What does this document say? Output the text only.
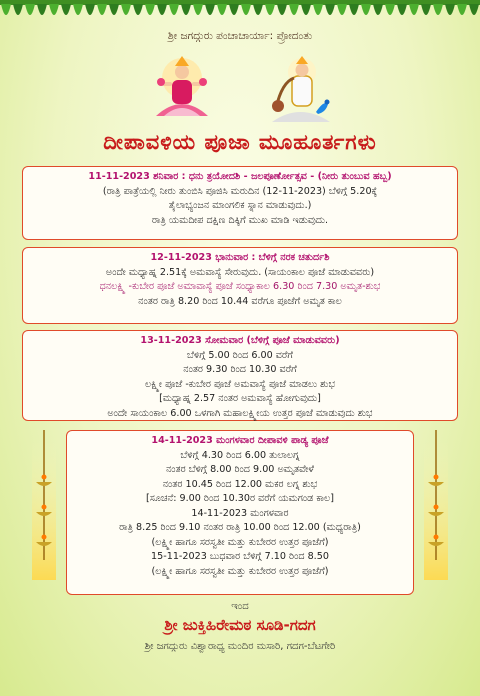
ಶ್ರೀ ಜಗದ್ಗುರು ಪಂಚಾಚಾರ್ಯಾ: ಪ್ರೋದಂತು
ದೀಪಾವಳಿಯ ಪೂಜಾ ಮೂಹೂರ್ತಗಳು
11-11-2023 ಶನಿವಾರ : ಧನು ತ್ರಯೋದಶಿ - ಜಲಪೂರ್ಣೋತ್ಸವ - (ನೀರು ತುಂಬುವ ಹಬ್ಬ)
(ರಾತ್ರಿ ಪಾತ್ರೆಯಲ್ಲಿ ನೀರು ತುಂಬಿಸಿ ಪೂಜಿಸಿ ಮರುದಿನ (12-11-2023) ಬೆಳಿಗ್ಗೆ 5.20ಕ್ಕೆ
ತೈಲಾಭ್ಯಂಜನ ಮಾಂಗಲಿಕ ಸ್ನಾನ ಮಾಡುವುದು.)
ರಾತ್ರಿ ಯಮದೀಪ ದಕ್ಷಿಣ ದಿಕ್ಕಿಗೆ ಮುಖ ಮಾಡಿ ಇಡುವುದು.
12-11-2023 ಭಾನುವಾರ : ಬೆಳಿಗ್ಗೆ ನರಕ ಚತುರ್ದಶಿ
ಅಂದೇ ಮಧ್ಯಾಹ್ನ 2.51ಕ್ಕೆ ಅಮವಾಸ್ಯೆ ಸೇರುವುದು. (ಸಾಯಂಕಾಲ ಪೂಜೆ ಮಾಡುವವರು)
ಧನಲಕ್ಷ್ಮಿ -ಕುಬೇರ ಪೂಜೆ ಅಮಾವಾಸ್ಯೆ ಪೂಜೆ ಸಂಧ್ಯಾಕಾಲ 6.30 ರಿಂದ 7.30 ಅಮೃತ-ಶುಭ
ನಂತರ ರಾತ್ರಿ 8.20 ರಿಂದ 10.44 ವರೆಗೂ ಪೂಜೆಗೆ ಅಮೃತ ಕಾಲ
13-11-2023 ಸೋಮವಾರ (ಬೆಳಿಗ್ಗೆ ಪೂಜೆ ಮಾಡುವವರು)
ಬೆಳಿಗ್ಗೆ 5.00 ರಿಂದ 6.00 ವರೆಗೆ
ನಂತರ 9.30 ರಿಂದ 10.30 ವರೆಗೆ
ಲಕ್ಷ್ಮೀ ಪೂಜೆ -ಕುಬೇರ ಪೂಜೆ ಅಮವಾಸ್ಯೆ ಪೂಜೆ ಮಾಡಲು ಶುಭ
[ಮಧ್ಯಾಹ್ನ 2.57 ನಂತರ ಅಮವಾಸ್ಯೆ ಹೋಗುವುದು]
ಅಂದೇ ಸಾಯಂಕಾಲ 6.00 ಒಳಗಾಗಿ ಮಹಾಲಕ್ಷ್ಮೀಯ ಉತ್ತರ ಪೂಜೆ ಮಾಡುವುದು ಶುಭ
14-11-2023 ಮಂಗಳವಾರ ದೀಪಾವಳಿ ಪಾಡ್ಯ ಪೂಜೆ
ಬೆಳಿಗ್ಗೆ 4.30 ರಿಂದ 6.00 ತುಲಾಲಗ್ನ
ನಂತರ ಬೆಳಿಗ್ಗೆ 8.00 ರಿಂದ 9.00 ಅಮೃತವೇಳೆ
ನಂತರ 10.45 ರಿಂದ 12.00 ಮಕರ ಲಗ್ನ ಶುಭ
[ಸೂಚನೆ: 9.00 ರಿಂದ 10.30ರ ವರೆಗೆ ಯಮಗಂಡ ಕಾಲ]
14-11-2023 ಮಂಗಳವಾರ
ರಾತ್ರಿ 8.25 ರಿಂದ 9.10 ನಂತರ ರಾತ್ರಿ 10.00 ರಿಂದ 12.00 (ಮಧ್ಯರಾತ್ರಿ)
(ಲಕ್ಷ್ಮೀ ಹಾಗೂ ಸರಸ್ವತೀ ಮತ್ತು ಕುಬೇರರ ಉತ್ತರ ಪೂಜೆಗೆ)
15-11-2023 ಬುಧವಾರ ಬೆಳಿಗ್ಗೆ 7.10 ರಿಂದ 8.50
(ಲಕ್ಷ್ಮೀ ಹಾಗೂ ಸರಸ್ವತೀ ಮತ್ತು ಕುಬೇರರ ಉತ್ತರ ಪೂಜೆಗೆ)
ಇಂದ
ಶ್ರೀ ಜುಕ್ತಿಹಿರೇಮಠ ಸೂಡಿ-ಗದಗ
ಶ್ರೀ ಜಗದ್ಗುರು ವಿಶ್ವಾರಾಧ್ಯ ಮಂದಿರ ಮಸಾರಿ, ಗದಗ-ಬೆಟಗೇರಿ
